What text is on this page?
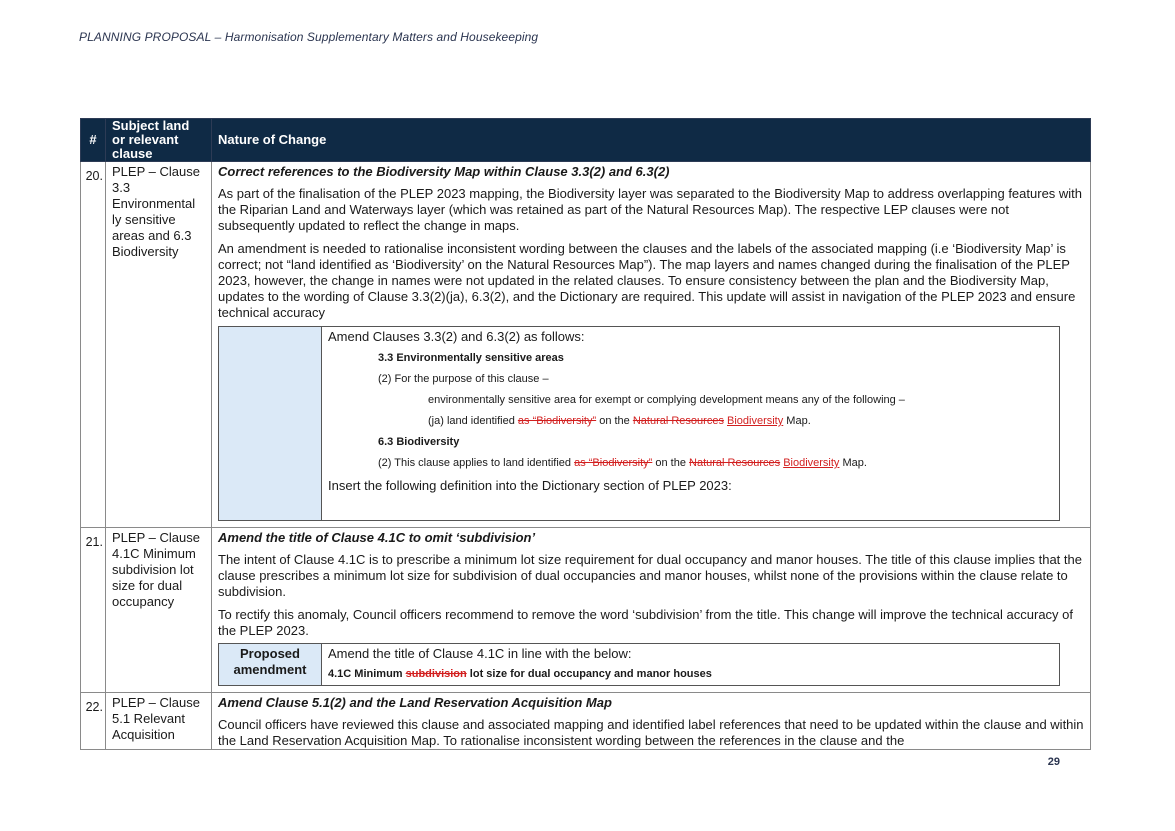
PLANNING PROPOSAL – Harmonisation Supplementary Matters and Housekeeping
#	Subject land or relevant clause	Nature of Change
20.	PLEP – Clause 3.3 Environmental ly sensitive areas and 6.3 Biodiversity	
Correct references to the Biodiversity Map within Clause 3.3(2) and 6.3(2)
As part of the finalisation of the PLEP 2023 mapping, the Biodiversity layer was separated to the Biodiversity Map to address overlapping features with the Riparian Land and Waterways layer (which was retained as part of the Natural Resources Map). The respective LEP clauses were not subsequently updated to reflect the change in maps.
An amendment is needed to rationalise inconsistent wording between the clauses and the labels of the associated mapping (i.e ‘Biodiversity Map’ is correct; not “land identified as ‘Biodiversity’ on the Natural Resources Map”). The map layers and names changed during the finalisation of the PLEP 2023, however, the change in names were not updated in the related clauses. To ensure consistency between the plan and the Biodiversity Map, updates to the wording of Clause 3.3(2)(ja), 6.3(2), and the Dictionary are required. This update will assist in navigation of the PLEP 2023 and ensure technical accuracy

Amend Clauses 3.3(2) and 6.3(2) as follows:
3.3 Environmentally sensitive areas
(2) For the purpose of this clause –
environmentally sensitive area for exempt or complying development means any of the following –
(ja) land identified as “Biodiversity” on the Natural Resources Biodiversity Map.
6.3 Biodiversity
(2) This clause applies to land identified as “Biodiversity” on the Natural Resources Biodiversity Map.
Insert the following definition into the Dictionary section of PLEP 2023:

21.	PLEP – Clause 4.1C Minimum subdivision lot size for dual occupancy	
Amend the title of Clause 4.1C to omit ‘subdivision’
The intent of Clause 4.1C is to prescribe a minimum lot size requirement for dual occupancy and manor houses. The title of this clause implies that the clause prescribes a minimum lot size for subdivision of dual occupancies and manor houses, whilst none of the provisions within the clause relate to subdivision.
To rectify this anomaly, Council officers recommend to remove the word ‘subdivision’ from the title. This change will improve the technical accuracy of the PLEP 2023.
Proposed amendment	
Amend the title of Clause 4.1C in line with the below:
4.1C Minimum subdivision lot size for dual occupancy and manor houses

22.	PLEP – Clause 5.1 Relevant Acquisition	
Amend Clause 5.1(2) and the Land Reservation Acquisition Map
Council officers have reviewed this clause and associated mapping and identified label references that need to be updated within the clause and within the Land Reservation Acquisition Map. To rationalise inconsistent wording between the references in the clause and the
29
